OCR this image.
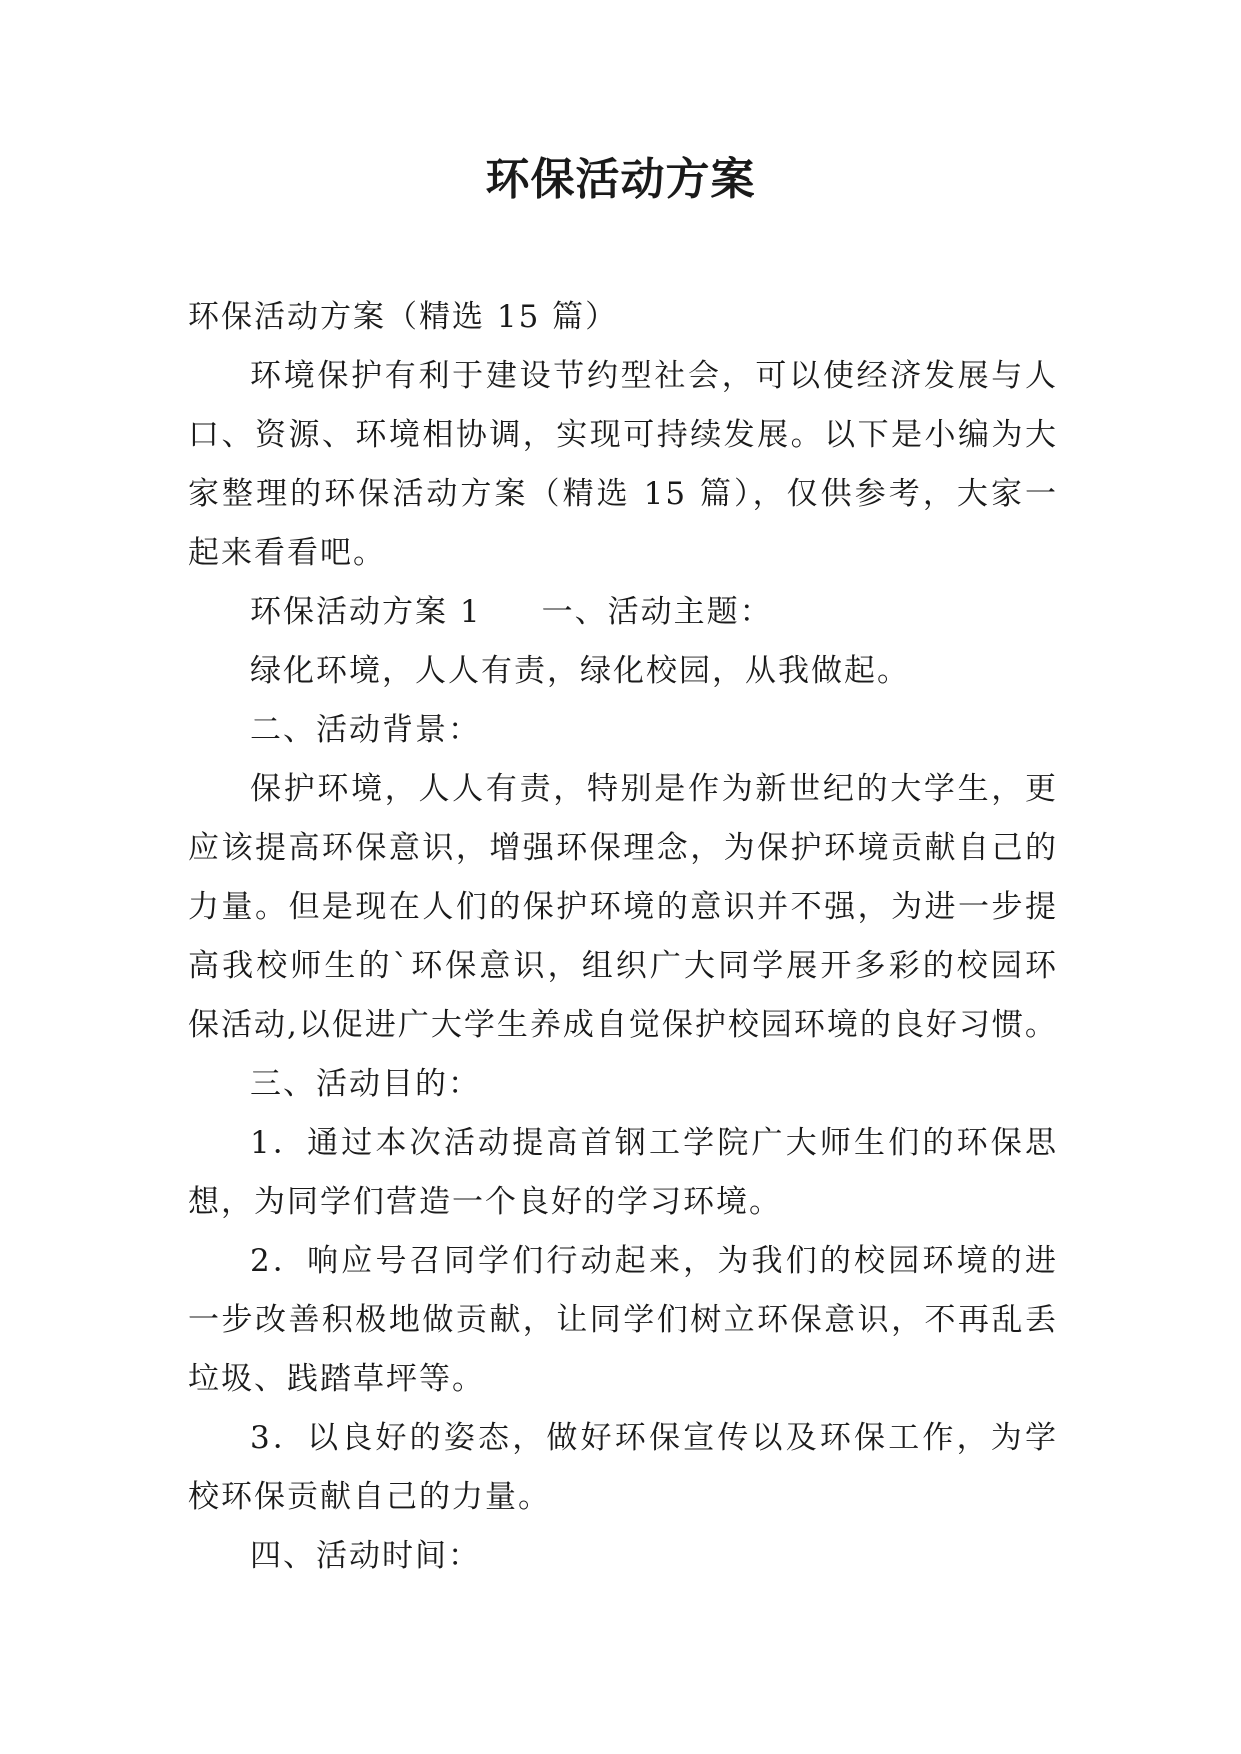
环保活动方案

环保活动方案（精选 15 篇）

环境保护有利于建设节约型社会，可以使经济发展与人口、资源、环境相协调，实现可持续发展。以下是小编为大家整理的环保活动方案（精选 15 篇），仅供参考，大家一起来看看吧。

环保活动方案 1 一、活动主题：

绿化环境，人人有责，绿化校园，从我做起。

二、活动背景：

保护环境，人人有责，特别是作为新世纪的大学生，更应该提高环保意识，增强环保理念，为保护环境贡献自己的力量。但是现在人们的保护环境的意识并不强，为进一步提高我校师生的`环保意识，组织广大同学展开多彩的校园环保活动,以促进广大学生养成自觉保护校园环境的良好习惯。

三、活动目的：

1．通过本次活动提高首钢工学院广大师生们的环保思想，为同学们营造一个良好的学习环境。

2．响应号召同学们行动起来，为我们的校园环境的进一步改善积极地做贡献，让同学们树立环保意识，不再乱丢垃圾、践踏草坪等。

3．以良好的姿态，做好环保宣传以及环保工作，为学校环保贡献自己的力量。

四、活动时间：
